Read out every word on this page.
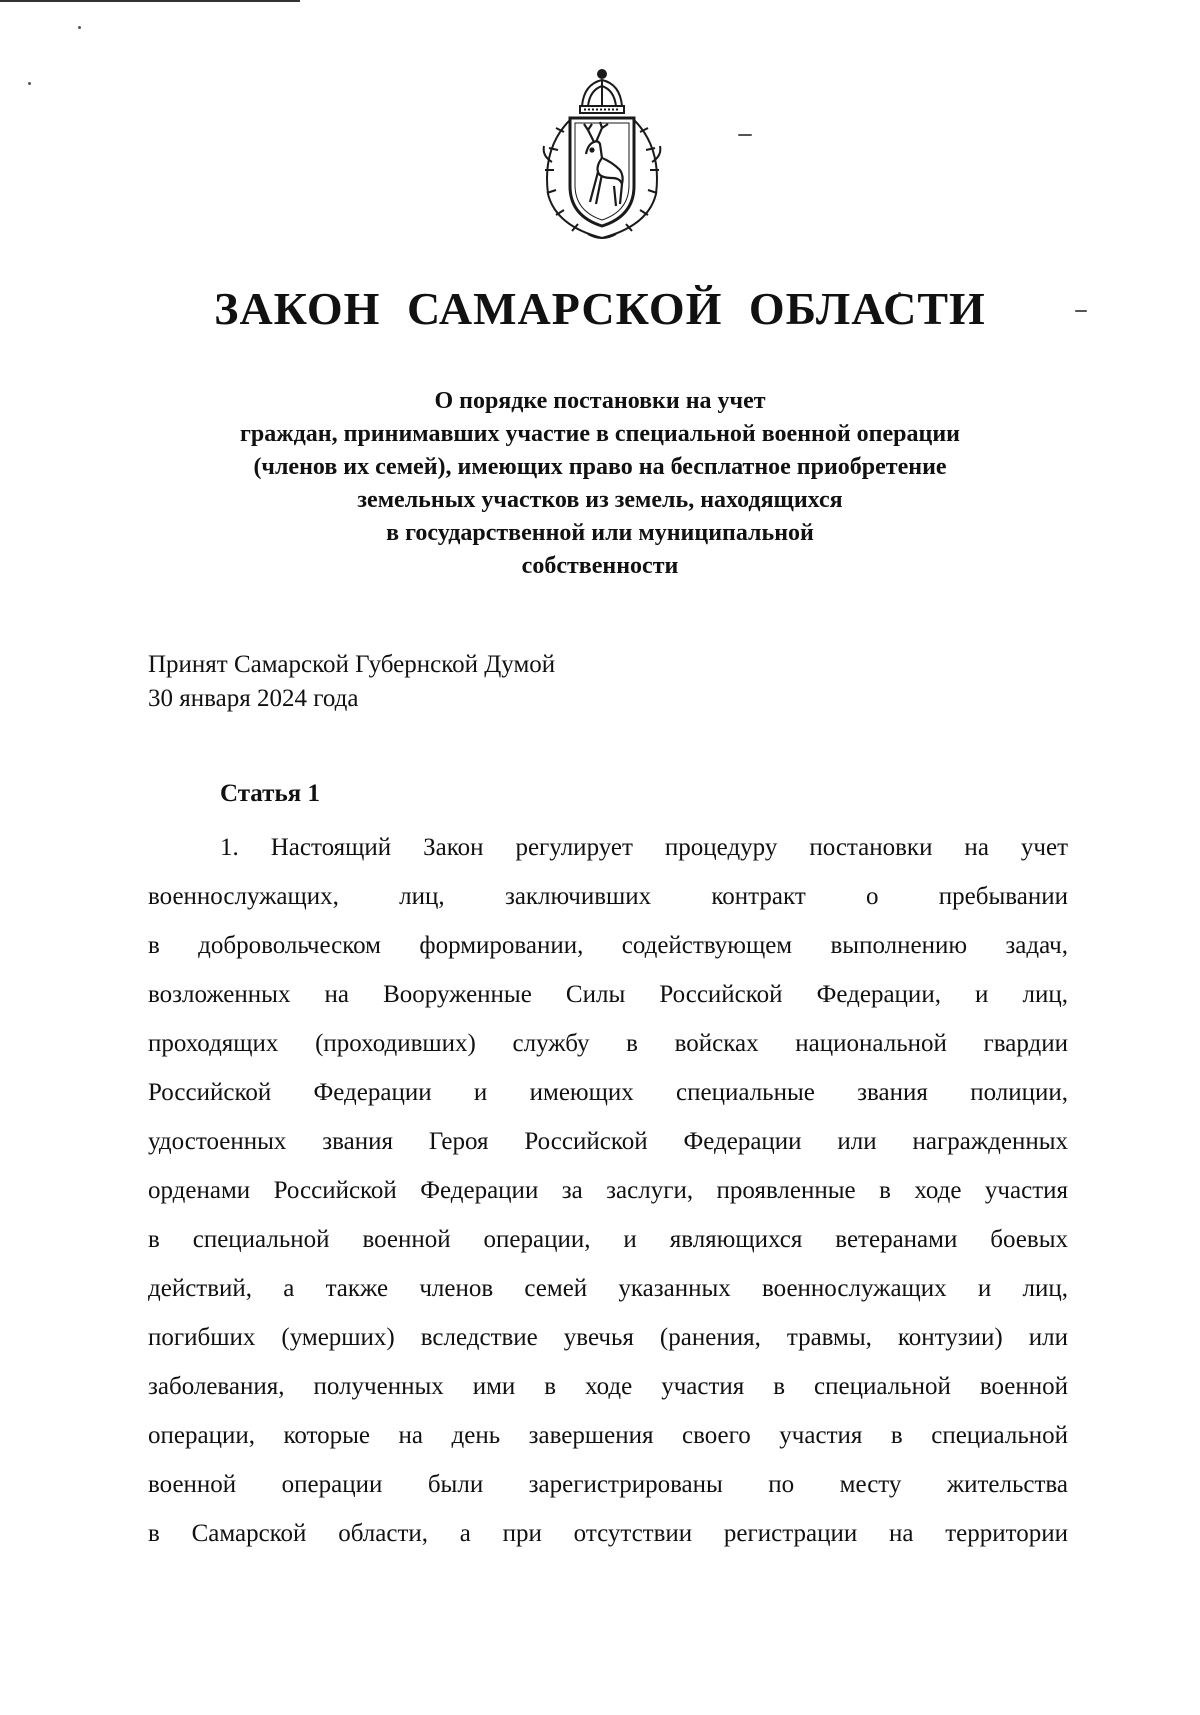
ЗАКОН САМАРСКОЙ ОБЛАСТИ
О порядке постановки на учет
граждан, принимавших участие в специальной военной операции
(членов их семей), имеющих право на бесплатное приобретение
земельных участков из земель, находящихся
в государственной или муниципальной
собственности
Принят Самарской Губернской Думой
30 января 2024 года
Статья 1
1. Настоящий Закон регулирует процедуру постановки на учет
военнослужащих, лиц, заключивших контракт о пребывании
в добровольческом формировании, содействующем выполнению задач,
возложенных на Вооруженные Силы Российской Федерации, и лиц,
проходящих (проходивших) службу в войсках национальной гвардии
Российской Федерации и имеющих специальные звания полиции,
удостоенных звания Героя Российской Федерации или награжденных
орденами Российской Федерации за заслуги, проявленные в ходе участия
в специальной военной операции, и являющихся ветеранами боевых
действий, а также членов семей указанных военнослужащих и лиц,
погибших (умерших) вследствие увечья (ранения, травмы, контузии) или
заболевания, полученных ими в ходе участия в специальной военной
операции, которые на день завершения своего участия в специальной
военной операции были зарегистрированы по месту жительства
в Самарской области, а при отсутствии регистрации на территории
